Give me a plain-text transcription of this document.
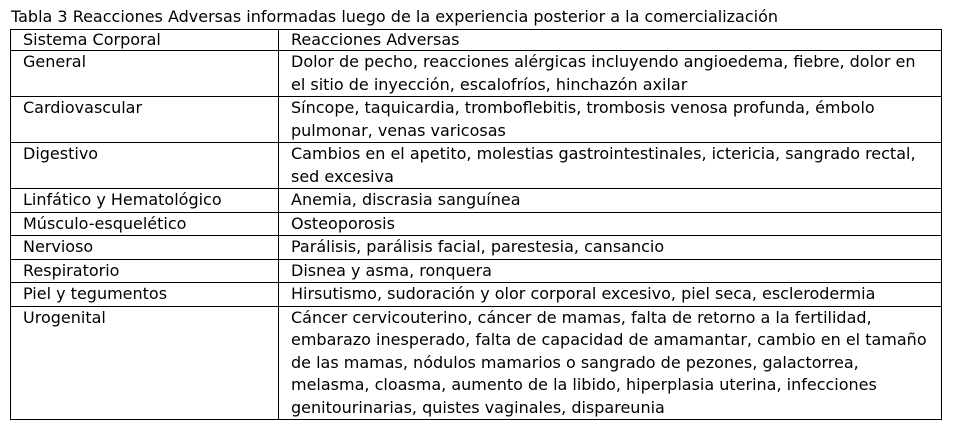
Tabla 3 Reacciones Adversas informadas luego de la experiencia posterior a la comercialización
Sistema Corporal	Reacciones Adversas
General	Dolor de pecho, reacciones alérgicas incluyendo angioedema, fiebre, dolor en el sitio de inyección, escalofríos, hinchazón axilar
Cardiovascular	Síncope, taquicardia, tromboflebitis, trombosis venosa profunda, émbolo pulmonar, venas varicosas
Digestivo	Cambios en el apetito, molestias gastrointestinales, ictericia, sangrado rectal, sed excesiva
Linfático y Hematológico	Anemia, discrasia sanguínea
Músculo-esquelético	Osteoporosis
Nervioso	Parálisis, parálisis facial, parestesia, cansancio
Respiratorio	Disnea y asma, ronquera
Piel y tegumentos	Hirsutismo, sudoración y olor corporal excesivo, piel seca, esclerodermia
Urogenital	Cáncer cervicouterino, cáncer de mamas, falta de retorno a la fertilidad, embarazo inesperado, falta de capacidad de amamantar, cambio en el tamaño de las mamas, nódulos mamarios o sangrado de pezones, galactorrea, melasma, cloasma, aumento de la libido, hiperplasia uterina, infecciones genitourinarias, quistes vaginales, dispareunia
